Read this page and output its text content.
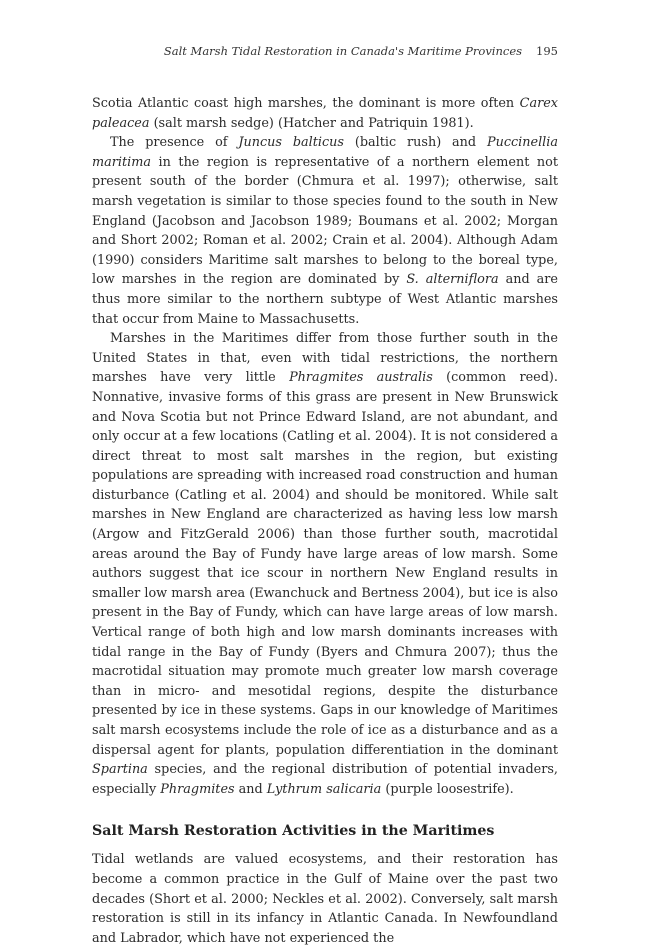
Salt Marsh Tidal Restoration in Canada's Maritime Provinces 195

Scotia Atlantic coast high marshes, the dominant is more often Carex paleacea (salt marsh sedge) (Hatcher and Patriquin 1981).

The presence of Juncus balticus (baltic rush) and Puccinellia maritima in the region is representative of a northern element not present south of the border (Chmura et al. 1997); otherwise, salt marsh vegetation is similar to those species found to the south in New England (Jacobson and Jacobson 1989; Boumans et al. 2002; Morgan and Short 2002; Roman et al. 2002; Crain et al. 2004). Although Adam (1990) considers Maritime salt marshes to belong to the boreal type, low marshes in the region are dominated by S. alterniflora and are thus more similar to the northern subtype of West Atlantic marshes that occur from Maine to Massachusetts.

Marshes in the Maritimes differ from those further south in the United States in that, even with tidal restrictions, the northern marshes have very little Phragmites australis (common reed). Nonnative, invasive forms of this grass are present in New Brunswick and Nova Scotia but not Prince Edward Island, are not abundant, and only occur at a few locations (Catling et al. 2004). It is not considered a direct threat to most salt marshes in the region, but existing populations are spreading with increased road construction and human disturbance (Catling et al. 2004) and should be monitored. While salt marshes in New England are characterized as having less low marsh (Argow and FitzGerald 2006) than those further south, macrotidal areas around the Bay of Fundy have large areas of low marsh. Some authors suggest that ice scour in northern New England results in smaller low marsh area (Ewanchuck and Bertness 2004), but ice is also present in the Bay of Fundy, which can have large areas of low marsh. Vertical range of both high and low marsh dominants increases with tidal range in the Bay of Fundy (Byers and Chmura 2007); thus the macrotidal situation may promote much greater low marsh coverage than in micro- and mesotidal regions, despite the disturbance presented by ice in these systems. Gaps in our knowledge of Maritimes salt marsh ecosystems include the role of ice as a disturbance and as a dispersal agent for plants, population differentiation in the dominant Spartina species, and the regional distribution of potential invaders, especially Phragmites and Lythrum salicaria (purple loosestrife).

Salt Marsh Restoration Activities in the Maritimes

Tidal wetlands are valued ecosystems, and their restoration has become a common practice in the Gulf of Maine over the past two decades (Short et al. 2000; Neckles et al. 2002). Conversely, salt marsh restoration is still in its infancy in Atlantic Canada. In Newfoundland and Labrador, which have not experienced the
